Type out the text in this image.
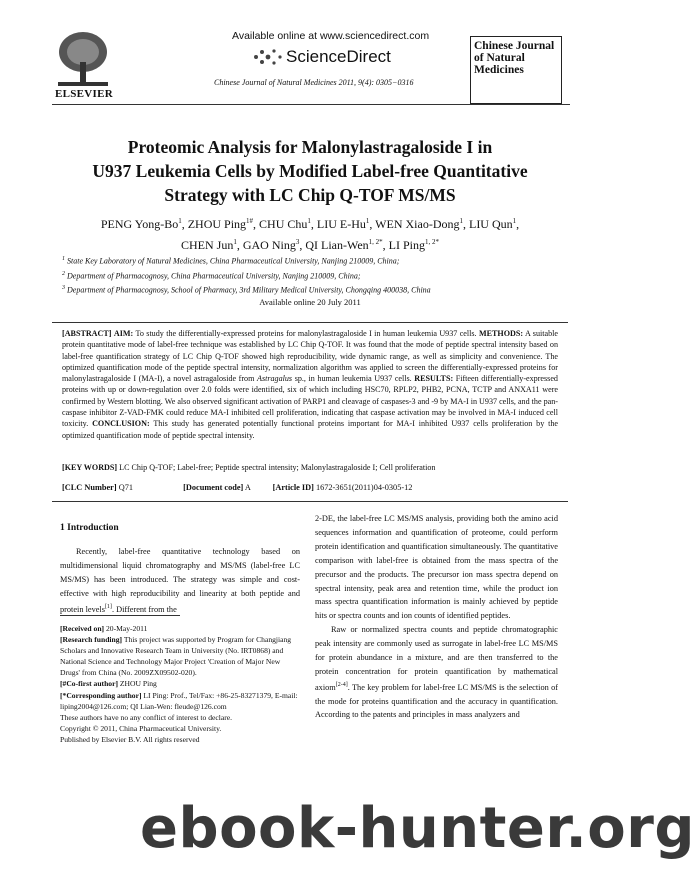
ELSEVIER
Available online at www.sciencedirect.com
ScienceDirect
Chinese Journal of Natural Medicines 2011, 9(4): 0305−0316
Chinese Journal of Natural Medicines
Proteomic Analysis for Malonylastragaloside I in
U937 Leukemia Cells by Modified Label-free Quantitative
Strategy with LC Chip Q-TOF MS/MS
PENG Yong-Bo$^1$, ZHOU Ping$^{1\#}$, CHU Chu$^1$, LIU E-Hu$^1$, WEN Xiao-Dong$^1$, LIU Qun$^1$,
CHEN Jun$^1$, GAO Ning$^3$, QI Lian-Wen$^{1, 2*}$, LI Ping$^{1, 2*}$
$^1$ State Key Laboratory of Natural Medicines, China Pharmaceutical University, Nanjing 210009, China;
$^2$ Department of Pharmacognosy, China Pharmaceutical University, Nanjing 210009, China;
$^3$ Department of Pharmacognosy, School of Pharmacy, 3rd Military Medical University, Chongqing 400038, China
Available online 20 July 2011
[ABSTRACT] AIM: To study the differentially-expressed proteins for malonylastragaloside I in human leukemia U937 cells. METHODS: A suitable protein quantitative mode of label-free technique was established by LC Chip Q-TOF. It was found that the mode of peptide spectral intensity based on label-free quantification strategy of LC Chip Q-TOF showed high reproducibility, wide dynamic range, as well as simplicity and convenience. The optimized quantification mode of the peptide spectral intensity, normalization algorithm was applied to screen the differentially-expressed proteins for malonylastragaloside I (MA-I), a novel astragaloside from Astragalus sp., in human leukemia U937 cells. RESULTS: Fifteen differentially-expressed proteins with up or down-regulation over 2.0 folds were identified, six of which including HSC70, RPLP2, PHB2, PCNA, TCTP and ANXA11 were confirmed by Western blotting. We also observed significant activation of PARP1 and cleavage of caspases-3 and -9 by MA-I in U937 cells, and the pan-caspase inhibitor Z-VAD-FMK could reduce MA-I inhibited cell proliferation, indicating that caspase activation may be involved in MA-I induced cell toxicity. CONCLUSION: This study has generated potentially functional proteins important for MA-I inhibited U937 cells proliferation by the optimized quantification mode of peptide spectral intensity.
[KEY WORDS] LC Chip Q-TOF; Label-free; Peptide spectral intensity; Malonylastragaloside I; Cell proliferation
[CLC Number] Q71	[Document code] A	[Article ID] 1672-3651(2011)04-0305-12
1 Introduction
Recently, label-free quantitative technology based on multidimensional liquid chromatography and MS/MS (label-free LC MS/MS) has been introduced. The strategy was simple and cost-effective with high reproducibility and linearity at both peptide and protein levels[1]. Different from the
[Received on] 20-May-2011
[Research funding] This project was supported by Program for Changjiang Scholars and Innovative Research Team in University (No. IRT0868) and National Science and Technology Major Project 'Creation of Major New Drugs' from China (No. 2009ZX09502-020).
[#Co-first author] ZHOU Ping
[*Corresponding author] LI Ping: Prof., Tel/Fax: +86-25-83271379, E-mail: liping2004@126.com; QI Lian-Wen: fleude@126.com
These authors have no any conflict of interest to declare.
Copyright © 2011, China Pharmaceutical University.
Published by Elsevier B.V. All rights reserved
2-DE, the label-free LC MS/MS analysis, providing both the amino acid sequences information and quantification of proteome, could perform protein identification and quantification simultaneously. The quantitative comparison with label-free is obtained from the mass spectra of the precursor and the products. The precursor ion mass spectra depend on spectral intensity, peak area and retention time, while the product ion mass spectra quantification information is mainly achieved by peptide hits or spectra counts and ion counts of identified peptides.
Raw or normalized spectra counts and peptide chromatographic peak intensity are commonly used as surrogate in label-free LC MS/MS for protein abundance in a mixture, and are then transferred to the protein concentration for protein quantification by mathematical axiom[2-4]. The key problem for label-free LC MS/MS is the selection of the mode for proteins quantification and the accuracy in quantification. According to the patents and principles in mass analyzers and
ebook-hunter.org
